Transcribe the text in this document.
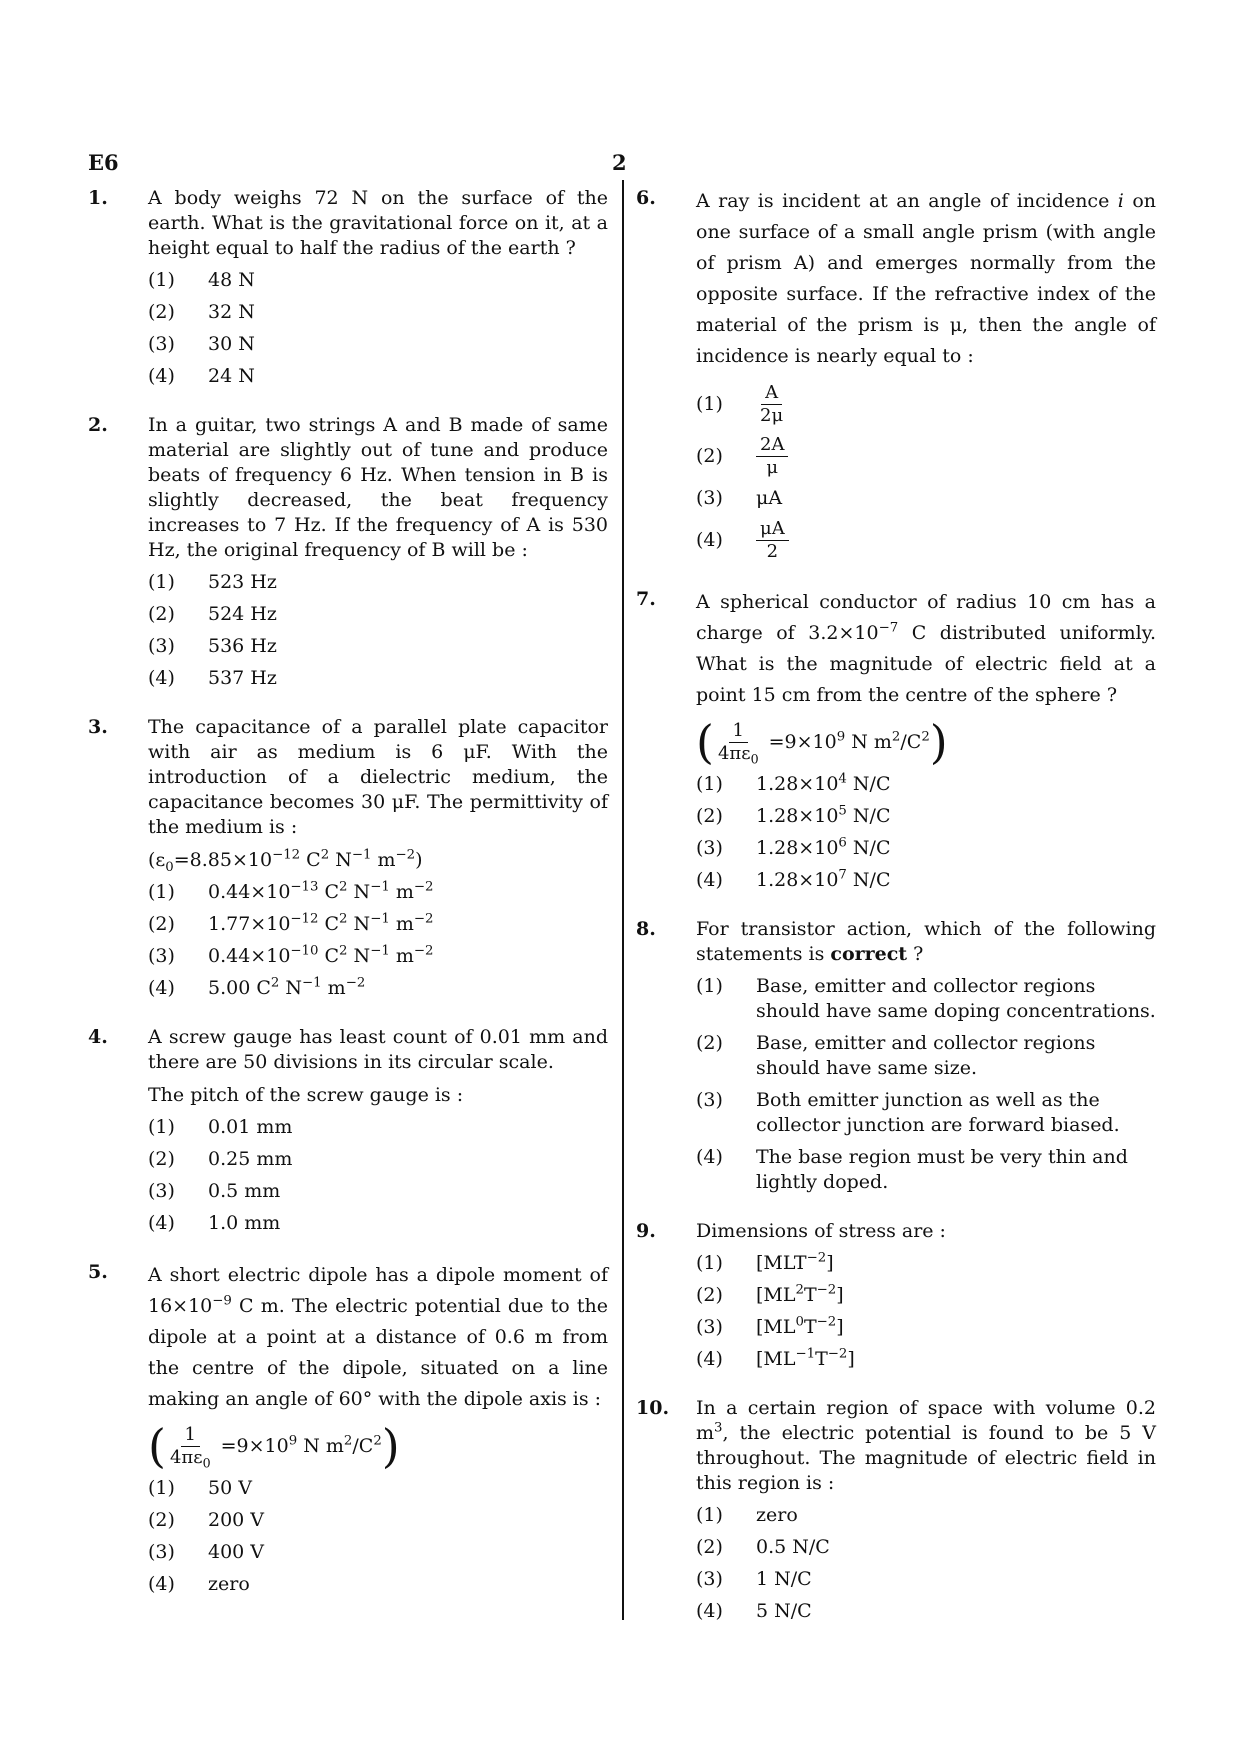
E6	2
1. A body weighs 72 N on the surface of the earth. What is the gravitational force on it, at a height equal to half the radius of the earth ?
(1)	48 N
(2)	32 N
(3)	30 N
(4)	24 N
2. In a guitar, two strings A and B made of same material are slightly out of tune and produce beats of frequency 6 Hz. When tension in B is slightly decreased, the beat frequency increases to 7 Hz. If the frequency of A is 530 Hz, the original frequency of B will be :
(1)	523 Hz
(2)	524 Hz
(3)	536 Hz
(4)	537 Hz
3. The capacitance of a parallel plate capacitor with air as medium is 6 μF. With the introduction of a dielectric medium, the capacitance becomes 30 μF. The permittivity of the medium is :
($\varepsilon_0=8.85\times 10^{-12}$ $C^2$ $N^{-1}$ $m^{-2}$)
(1)	$0.44\times 10^{-13}$ $C^2$ $N^{-1}$ $m^{-2}$
(2)	$1.77\times 10^{-12}$ $C^2$ $N^{-1}$ $m^{-2}$
(3)	$0.44\times 10^{-10}$ $C^2$ $N^{-1}$ $m^{-2}$
(4)	5.00 $C^2$ $N^{-1}$ $m^{-2}$
4. A screw gauge has least count of 0.01 mm and there are 50 divisions in its circular scale.
The pitch of the screw gauge is :
(1)	0.01 mm
(2)	0.25 mm
(3)	0.5 mm
(4)	1.0 mm
5. A short electric dipole has a dipole moment of $16\times 10^{-9}$ C m. The electric potential due to the dipole at a point at a distance of 0.6 m from the centre of the dipole, situated on a line making an angle of 60° with the dipole axis is :
( $\frac{1}{4\pi\varepsilon_0} =9\times 10^9$ N $m^2/C^2$ )
(1)	50 V
(2)	200 V
(3)	400 V
(4)	zero
6. A ray is incident at an angle of incidence i on one surface of a small angle prism (with angle of prism A) and emerges normally from the opposite surface. If the refractive index of the material of the prism is μ, then the angle of incidence is nearly equal to :
(1)	$\frac{A}{2\mu}$
(2)	$\frac{2A}{\mu}$
(3)	μA
(4)	$\frac{\mu A}{2}$
7. A spherical conductor of radius 10 cm has a charge of $3.2\times 10^{-7}$ C distributed uniformly. What is the magnitude of electric field at a point 15 cm from the centre of the sphere ?
( $\frac{1}{4\pi\varepsilon_0} =9\times 10^9$ N $m^2/C^2$ )
(1)	$1.28\times 10^4$ N/C
(2)	$1.28\times 10^5$ N/C
(3)	$1.28\times 10^6$ N/C
(4)	$1.28\times 10^7$ N/C
8. For transistor action, which of the following statements is correct ?
(1)	Base, emitter and collector regions should have same doping concentrations.
(2)	Base, emitter and collector regions should have same size.
(3)	Both emitter junction as well as the collector junction are forward biased.
(4)	The base region must be very thin and lightly doped.
9. Dimensions of stress are :
(1)	$[MLT^{-2}]$
(2)	$[ML^2T^{-2}]$
(3)	$[ML^0T^{-2}]$
(4)	$[ML^{-1}T^{-2}]$
10. In a certain region of space with volume 0.2 $m^3$, the electric potential is found to be 5 V throughout. The magnitude of electric field in this region is :
(1)	zero
(2)	0.5 N/C
(3)	1 N/C
(4)	5 N/C
